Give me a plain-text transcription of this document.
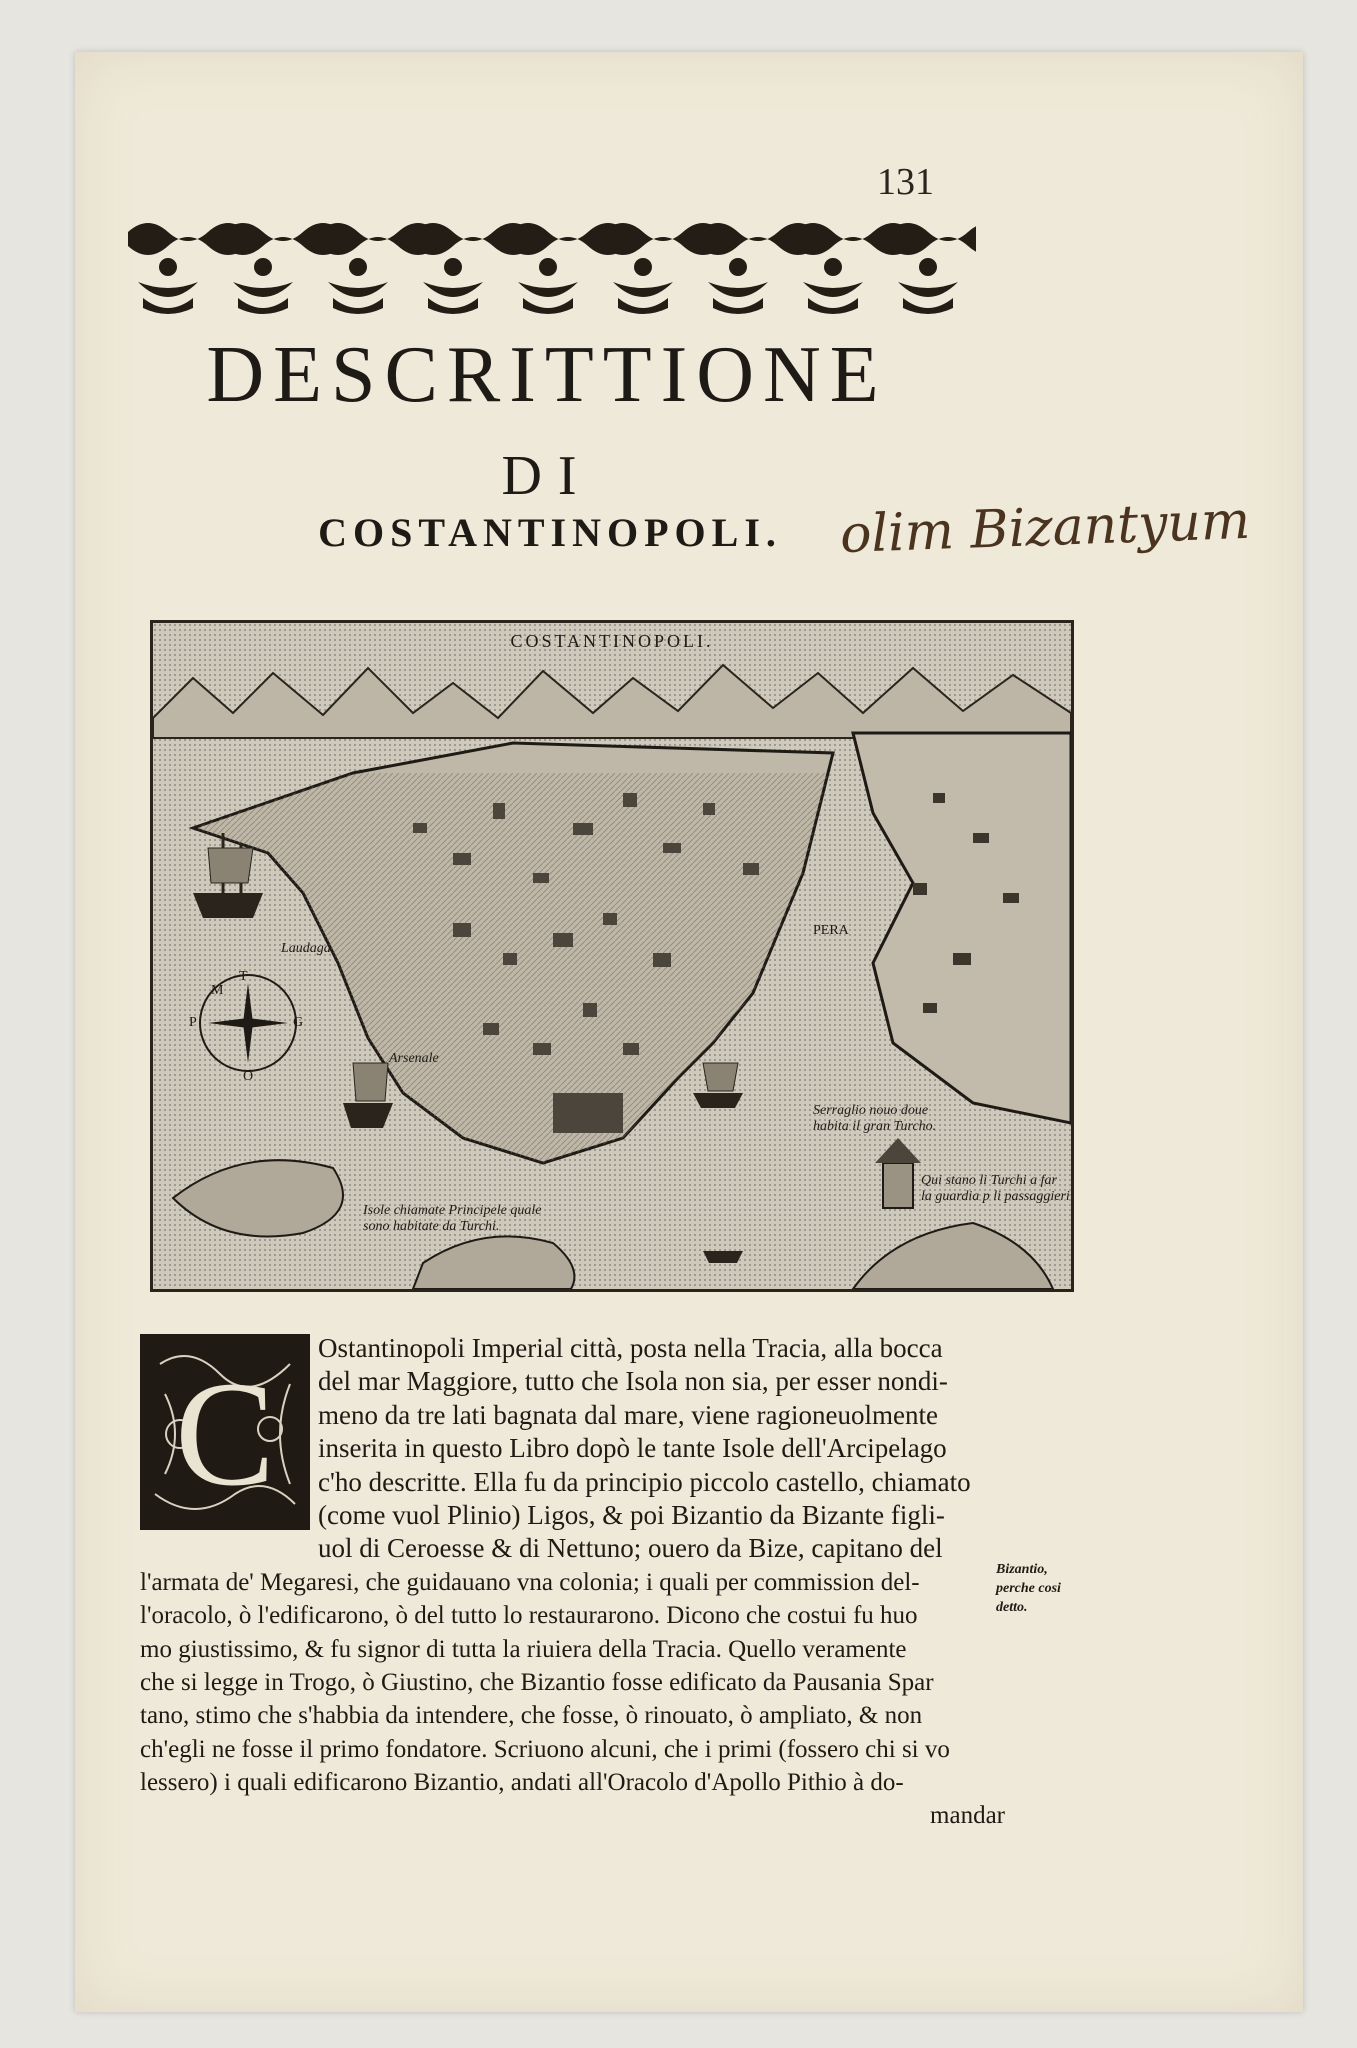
131
DESCRITTIONE
DI
COSTANTINOPOLI.	olim Bizantyum
COSTANTINOPOLI.
Laudaga
Arsenale
PERA
Serraglio nouo doue habita il gran Turcho.
Qui stano li Turchi a far la guardia p li passaggieri
Isole chiamate Principele quale sono habitate da Turchi.
T
G
O
P
M
C
Ostantinopoli Imperial città, posta nella Tracia, alla bocca
del mar Maggiore, tutto che Isola non sia, per esser nondi-
meno da tre lati bagnata dal mare, viene ragioneuolmente
inserita in questo Libro dopò le tante Isole dell'Arcipelago
c'ho descritte. Ella fu da principio piccolo castello, chiamato
(come vuol Plinio) Ligos, & poi Bizantio da Bizante figli-
uol di Ceroesse & di Nettuno; ouero da Bize, capitano del
l'armata de' Megaresi, che guidauano vna colonia; i quali per commission del-
l'oracolo, ò l'edificarono, ò del tutto lo restaurarono. Dicono che costui fu huo
mo giustissimo, & fu signor di tutta la riuiera della Tracia. Quello veramente
che si legge in Trogo, ò Giustino, che Bizantio fosse edificato da Pausania Spar
tano, stimo che s'habbia da intendere, che fosse, ò rinouato, ò ampliato, & non
ch'egli ne fosse il primo fondatore. Scriuono alcuni, che i primi (fossero chi si vo
lessero) i quali edificarono Bizantio, andati all'Oracolo d'Apollo Pithio à do-
mandar
Bizantio, perche cosi detto.
